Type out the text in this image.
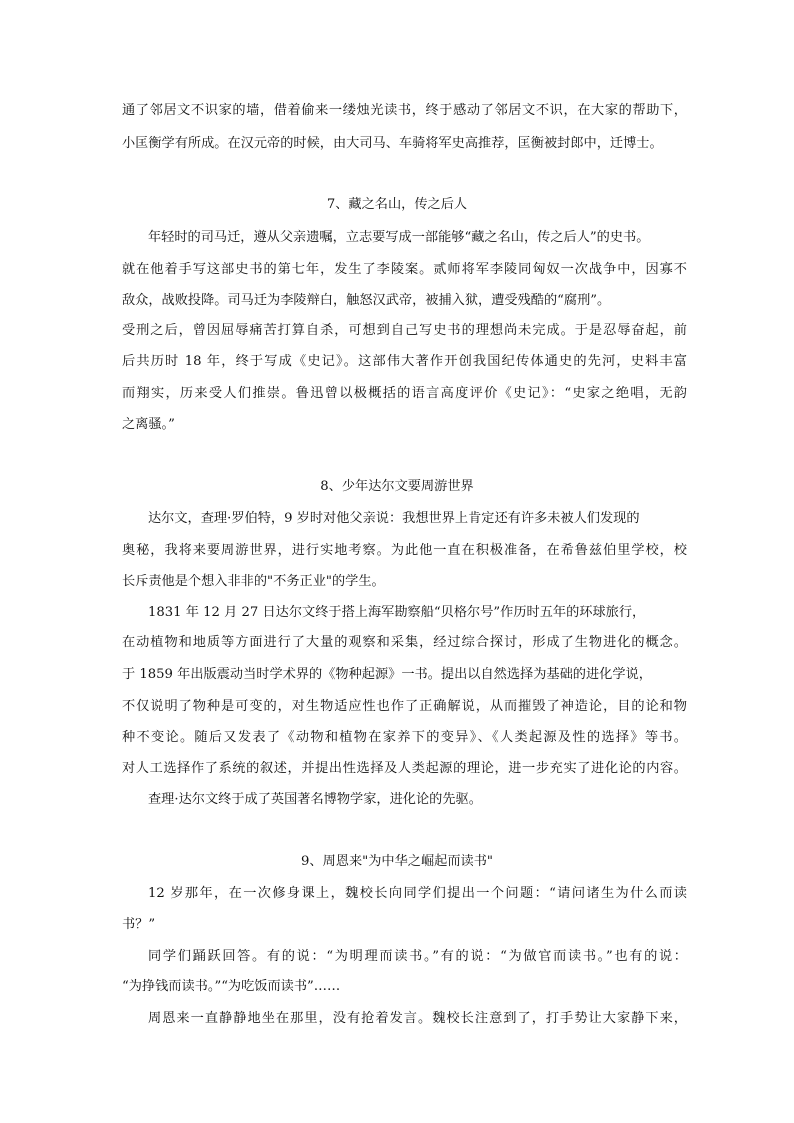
通了邻居文不识家的墙，借着偷来一缕烛光读书，终于感动了邻居文不识，在大家的帮助下，
小匡衡学有所成。在汉元帝的时候，由大司马、车骑将军史高推荐，匡衡被封郎中，迁博士。
7、藏之名山，传之后人
年轻时的司马迁，遵从父亲遗嘱，立志要写成一部能够“藏之名山，传之后人”的史书。
就在他着手写这部史书的第七年，发生了李陵案。贰师将军李陵同匈奴一次战争中，因寡不
敌众，战败投降。司马迁为李陵辩白，触怒汉武帝，被捕入狱，遭受残酷的“腐刑”。
受刑之后，曾因屈辱痛苦打算自杀，可想到自己写史书的理想尚未完成。于是忍辱奋起，前
后共历时 18 年，终于写成《史记》。这部伟大著作开创我国纪传体通史的先河，史料丰富
而翔实，历来受人们推崇。鲁迅曾以极概括的语言高度评价《史记》：“史家之绝唱，无韵
之离骚。”
8、少年达尔文要周游世界
达尔文，查理·罗伯特，9 岁时对他父亲说：我想世界上肯定还有许多未被人们发现的
奥秘，我将来要周游世界，进行实地考察。为此他一直在积极准备，在希鲁兹伯里学校，校
长斥责他是个想入非非的"不务正业"的学生。
1831 年 12 月 27 日达尔文终于搭上海军勘察船“贝格尔号”作历时五年的环球旅行，
在动植物和地质等方面进行了大量的观察和采集，经过综合探讨，形成了生物进化的概念。
于 1859 年出版震动当时学术界的《物种起源》一书。提出以自然选择为基础的进化学说，
不仅说明了物种是可变的，对生物适应性也作了正确解说，从而摧毁了神造论，目的论和物
种不变论。随后又发表了《动物和植物在家养下的变异》、《人类起源及性的选择》等书。
对人工选择作了系统的叙述，并提出性选择及人类起源的理论，进一步充实了进化论的内容。
查理·达尔文终于成了英国著名博物学家，进化论的先驱。
9、周恩来"为中华之崛起而读书"
12 岁那年，在一次修身课上，魏校长向同学们提出一个问题：“请问诸生为什么而读
书？”
同学们踊跃回答。有的说：“为明理而读书。”有的说：“为做官而读书。”也有的说：
“为挣钱而读书。”“为吃饭而读书”……
周恩来一直静静地坐在那里，没有抢着发言。魏校长注意到了，打手势让大家静下来，
